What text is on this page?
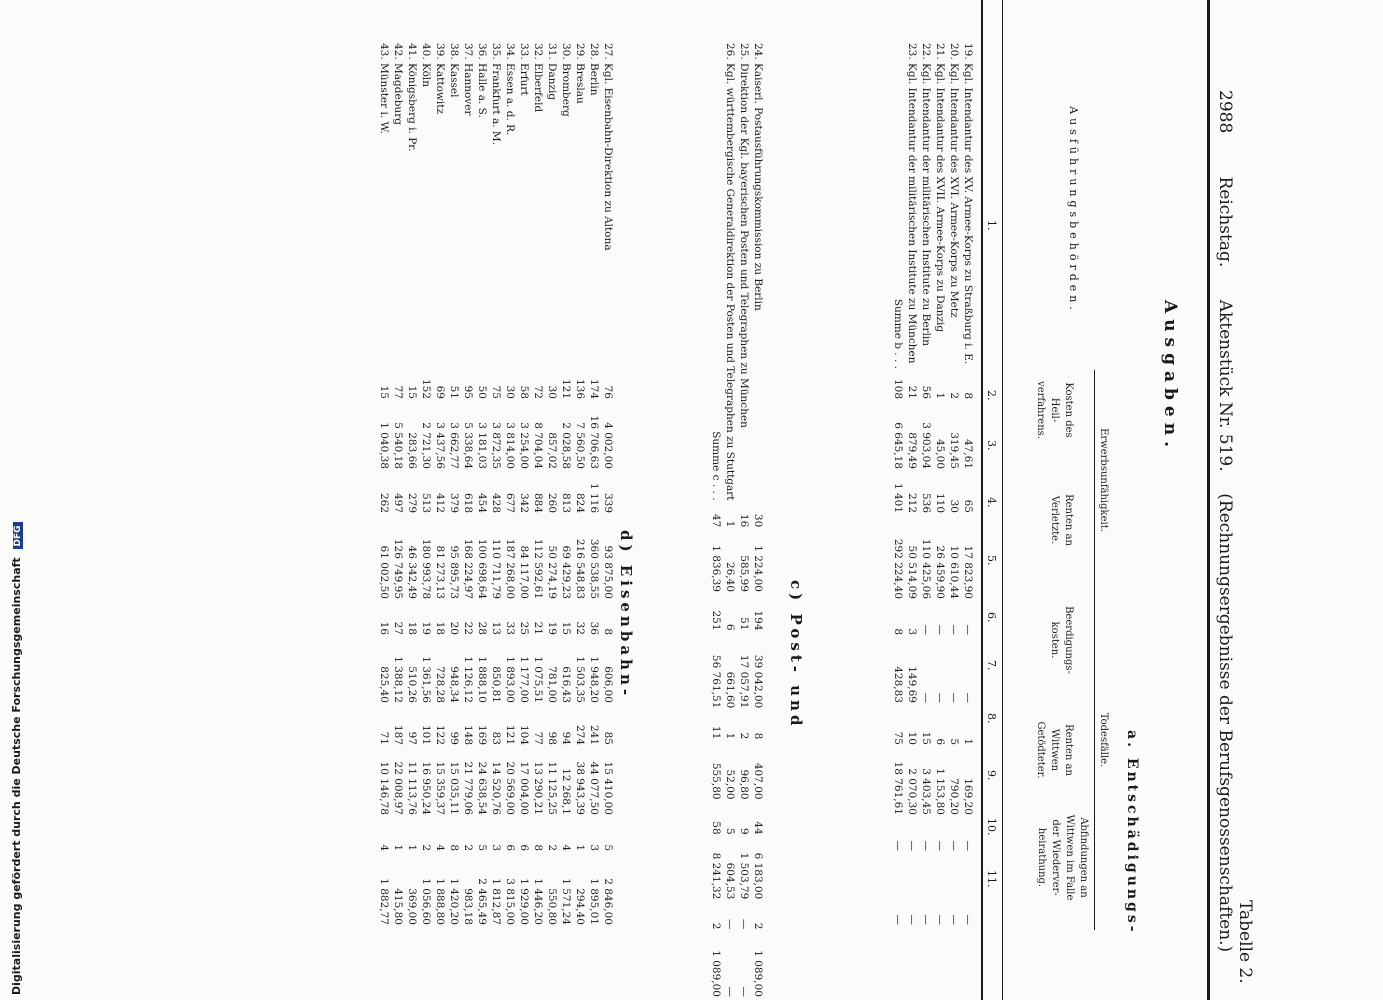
2988        Reichstag.      Aktenstück Nr. 519.    (Rechnungsergebnisse der Berufsgenossenschaften.) Tabelle 2.
Ausgaben.
a. Entschädigungs-
Ausführungsbehörden.
Erwerbsunfähigkeit.
Kosten des Heil-verfahrens.
Renten an Verletzte.
Todesfälle.
Beerdigungs-kosten.
Renten an Wittwen Getödteter.
Abfindungen an Wittwen im Falle der Wiederver-heirathung.
1.
2.
3.
4.
5.
6.
7.
8.
9.
10.
11.
19. Kgl. Intendantur des XV. Armee-Korps zu Straßburg i. E.	8	47,61	65	17 823,90	—	—	1	169,20	—	—
20. Kgl. Intendantur des XVI. Armee-Korps zu Metz	2	319,45	30	10 610,44	—	—	5	790,20	—	—
21. Kgl. Intendantur des XVII. Armee-Korps zu Danzig	1	45,00	110	26 459,90	—	—	6	1 153,80	—	—
22. Kgl. Intendantur der militärischen Institute zu Berlin	56	3 903,04	536	110 425,06	—	—	15	3 403,45	—	—
23. Kgl. Intendantur der militärischen Institute zu München	21	879,49	212	50 514,09	3	149,69	10	2 070,30	—	—
Summe b . . .	108	6 645,18	1 401	292 224,40	8	428,83	75	18 761,61	—	—
c) Post- und
24. Kaiserl. Postausführungskommission zu Berlin	30	1 224,00	194	39 042,00	8	407,00	44	6 183,00	2	1 089,00
25. Direktion der Kgl. bayerischen Posten und Telegraphen zu München	16	585,99	51	17 057,91	2	96,80	9	1 503,79	—	—
26. Kgl. württembergische Generaldirektion der Posten und Telegraphen zu Stuttgart	1	26,40	6	661,60	1	52,00	5	604,53	—	—
Summe c . . .	47	1 836,39	251	56 761,51	11	555,80	58	8 241,32	2	1 089,00
d) Eisenbahn-
27. Kgl. Eisenbahn-Direktion zu Altona	76	4 002,00	339	93 875,00	8	606,00	85	15 410,00	5	2 846,00
28. Berlin	174	16 706,63	1 116	360 538,55	36	1 948,20	241	44 077,50	3	1 895,01
29. Breslau	136	7 560,50	824	216 548,83	32	1 503,35	274	38 943,39	1	294,40
30. Bromberg	121	2 028,58	813	69 429,23	15	616,43	94	12 268,1	4	1 571,24
31. Danzig	30	857,02	260	50 274,19	19	781,00	98	11 125,25	2	550,80
32. Elberfeld	72	8 704,04	884	112 592,61	21	1 075,51	77	13 290,21	8	1 446,20
33. Erfurt	58	3 254,00	342	84 117,00	25	1 177,00	104	17 004,00	6	1 929,00
34. Essen a. d. R.	30	3 814,00	677	187 268,00	33	1 893,00	121	20 569,00	6	3 815,00
35. Frankfurt a. M.	75	3 872,35	428	110 711,79	13	850,81	83	14 520,76	3	1 812,87
36. Halle a. S.	50	3 181,03	454	100 698,64	28	1 888,10	169	24 638,54	5	2 465,49
37. Hannover	95	5 338,64	618	168 224,97	22	1 126,12	148	21 779,06	2	983,18
38. Kassel	51	3 662,77	379	95 895,73	20	948,34	99	15 035,11	8	1 420,20
39. Kattowitz	69	3 437,56	412	81 273,13	18	728,28	122	15 359,37	4	1 888,80
40. Köln	152	2 721,30	513	180 993,78	19	1 361,56	101	16 950,24	2	1 056,60
41. Königsberg i. Pr.	15	283,66	279	46 342,49	18	510,26	97	11 113,76	1	369,00
42. Magdeburg	77	5 540,18	497	126 749,95	27	1 388,12	187	22 008,97	1	415,80
43. Münster i. W.	15	1 040,38	262	61 002,50	16	825,40	71	10 146,78	4	1 882,77
Digitalisierung gefördert durch die Deutsche Forschungsgemeinschaft DFG
